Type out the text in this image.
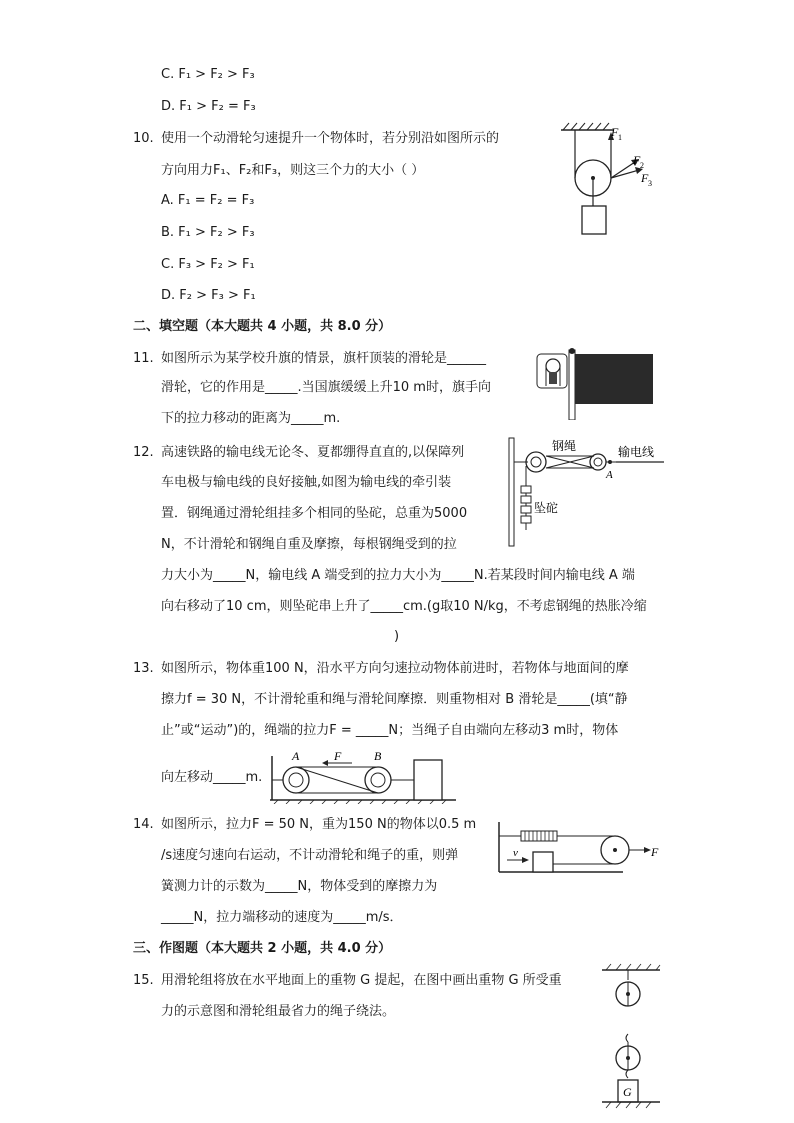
C. F₁ > F₂ > F₃
D. F₁ > F₂ = F₃
10. 使用一个动滑轮匀速提升一个物体时，若分别沿如图所示的
方向用力F₁、F₂和F₃，则这三个力的大小（ ）
A. F₁ = F₂ = F₃
B. F₁ > F₂ > F₃
C. F₃ > F₂ > F₁
D. F₂ > F₃ > F₁
F 1
F 2
F 3
二、填空题（本大题共 4 小题，共 8.0 分）
11. 如图所示为某学校升旗的情景，旗杆顶装的滑轮是______
滑轮，它的作用是_____.当国旗缓缓上升10 m时，旗手向
下的拉力移动的距离为_____m.
12. 高速铁路的输电线无论冬、夏都绷得直直的,以保障列
车电极与输电线的良好接触,如图为输电线的牵引装
置．钢绳通过滑轮组挂多个相同的坠砣，总重为5000
N，不计滑轮和钢绳自重及摩擦，每根钢绳受到的拉
力大小为_____N，输电线 A 端受到的拉力大小为_____N.若某段时间内输电线 A 端
向右移动了10 cm，则坠砣串上升了_____cm.(g取10 N/kg，不考虑钢绳的热胀冷缩
)
钢绳	输电线
坠砣
A
13. 如图所示，物体重100 N，沿水平方向匀速拉动物体前进时，若物体与地面间的摩
擦力f = 30 N，不计滑轮重和绳与滑轮间摩擦．则重物相对 B 滑轮是_____(填“静
止”或“运动”)的，绳端的拉力F = _____N；当绳子自由端向左移动3 m时，物体
向左移动_____m.
A	B
F
14. 如图所示，拉力F = 50 N，重为150 N的物体以0.5 m
/s速度匀速向右运动，不计动滑轮和绳子的重，则弹
簧测力计的示数为_____N，物体受到的摩擦力为
_____N，拉力端移动的速度为_____m/s．
v	F
三、作图题（本大题共 2 小题，共 4.0 分）
15. 用滑轮组将放在水平地面上的重物 G 提起，在图中画出重物 G 所受重
力的示意图和滑轮组最省力的绳子绕法。
G
